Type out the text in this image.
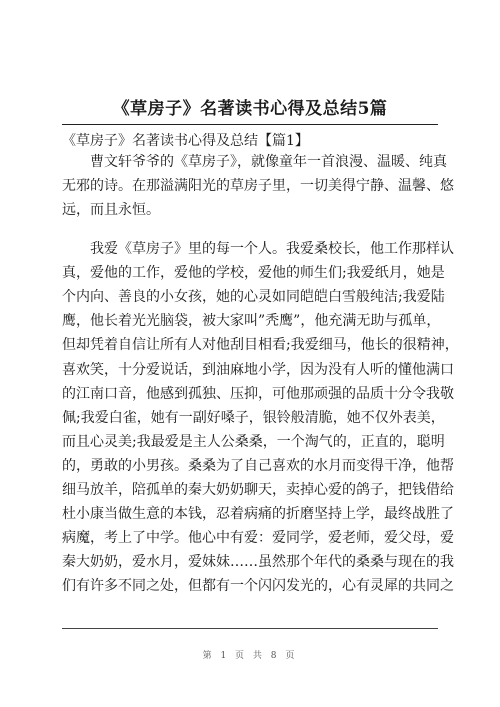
《草房子》名著读书心得及总结5篇
《草房子》名著读书心得及总结【篇1】
　　曹文轩爷爷的《草房子》，就像童年一首浪漫、温暖、纯真
无邪的诗。在那溢满阳光的草房子里，一切美得宁静、温馨、悠
远，而且永恒。
　　我爱《草房子》里的每一个人。我爱桑校长，他工作那样认
真，爱他的工作，爱他的学校，爱他的师生们;我爱纸月，她是
个内向、善良的小女孩，她的心灵如同皑皑白雪般纯洁;我爱陆
鹰，他长着光光脑袋，被大家叫”秃鹰”，他充满无助与孤单，
但却凭着自信让所有人对他刮目相看;我爱细马，他长的很精神，
喜欢笑，十分爱说话，到油麻地小学，因为没有人听的懂他满口
的江南口音，他感到孤独、压抑，可他那顽强的品质十分令我敬
佩;我爱白雀，她有一副好嗓子，银铃般清脆，她不仅外表美，
而且心灵美;我最爱是主人公桑桑，一个淘气的，正直的，聪明
的，勇敢的小男孩。桑桑为了自己喜欢的水月而变得干净，他帮
细马放羊，陪孤单的秦大奶奶聊天，卖掉心爱的鸽子，把钱借给
杜小康当做生意的本钱，忍着病痛的折磨坚持上学，最终战胜了
病魔，考上了中学。他心中有爱：爱同学，爱老师，爱父母，爱
秦大奶奶，爱水月，爱妹妹……虽然那个年代的桑桑与现在的我
们有许多不同之处，但都有一个闪闪发光的，心有灵犀的共同之
第 1 页 共 8 页
